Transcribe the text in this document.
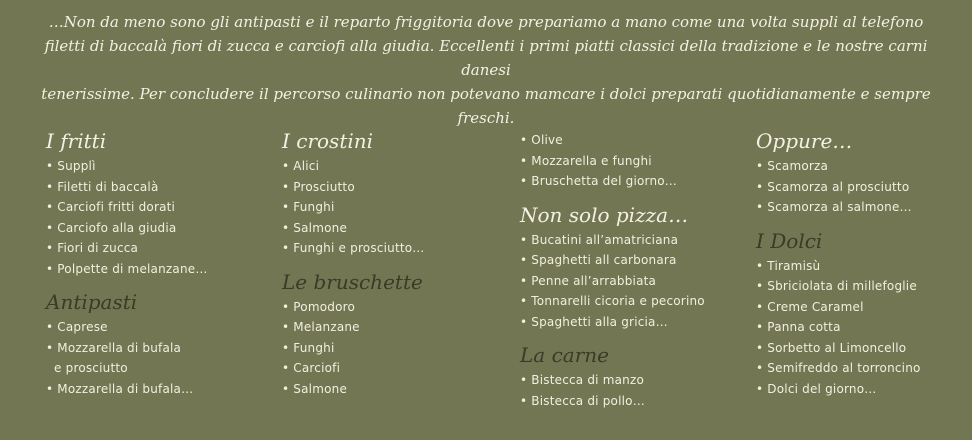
…Non da meno sono gli antipasti e il reparto friggitoria dove prepariamo a mano come una volta suppli al telefono
filetti di baccalà fiori di zucca e carciofi alla giudia. Eccellenti i primi piatti classici della tradizione e le nostre carni danesi
tenerissime. Per concludere il percorso culinario non potevano mamcare i dolci preparati quotidianamente e sempre freschi.
I fritti
• Supplì
• Filetti di baccalà
• Carciofi fritti dorati
• Carciofo alla giudia
• Fiori di zucca
• Polpette di melanzane…
Antipasti
• Caprese
• Mozzarella di bufala
e prosciutto
• Mozzarella di bufala…
I crostini
• Alici
• Prosciutto
• Funghi
• Salmone
• Funghi e prosciutto…
Le bruschette
• Pomodoro
• Melanzane
• Funghi
• Carciofi
• Salmone
• Olive
• Mozzarella e funghi
• Bruschetta del giorno…
Non solo pizza…
• Bucatini all’amatriciana
• Spaghetti all carbonara
• Penne all’arrabbiata
• Tonnarelli cicoria e pecorino
• Spaghetti alla gricia…
La carne
• Bistecca di manzo
• Bistecca di pollo…
Oppure…
• Scamorza
• Scamorza al prosciutto
• Scamorza al salmone…
I Dolci
• Tiramisù
• Sbriciolata di millefoglie
• Creme Caramel
• Panna cotta
• Sorbetto al Limoncello
• Semifreddo al torroncino
• Dolci del giorno…
